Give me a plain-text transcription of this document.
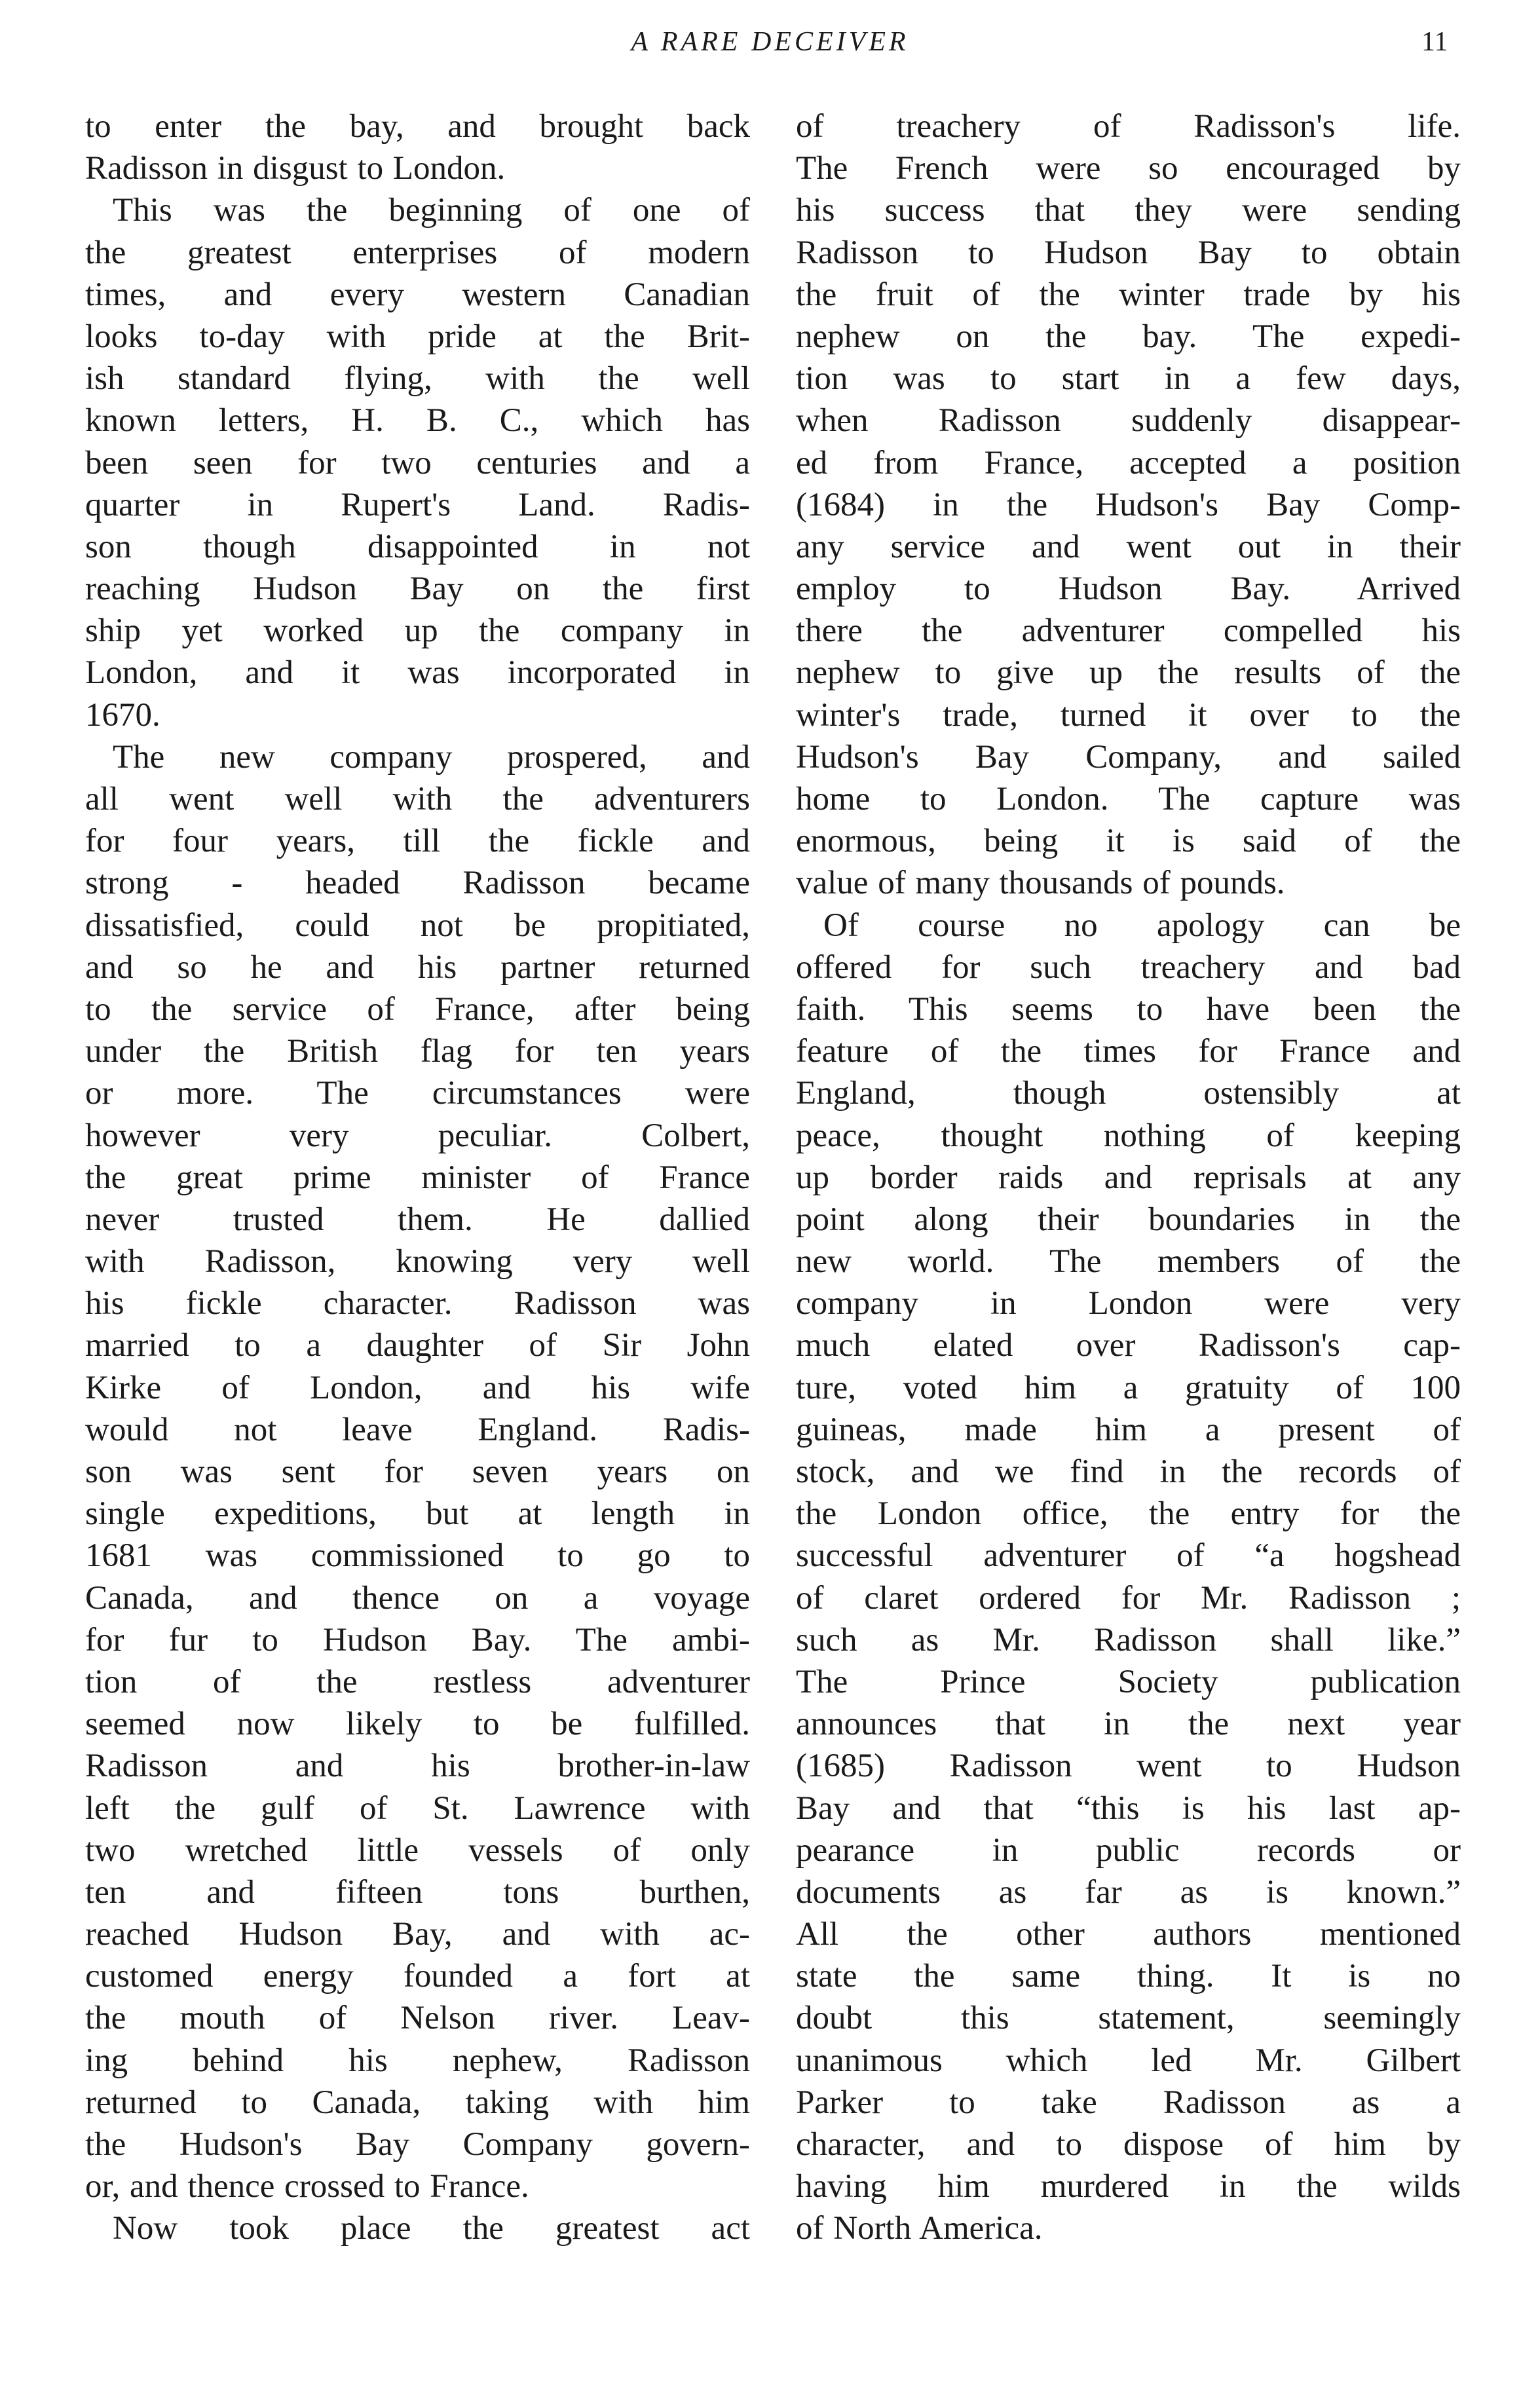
A RARE DECEIVER	11
to enter the bay, and brought back
Radisson in disgust to London.
This was the beginning of one of
the greatest enterprises of modern
times, and every western Canadian
looks to-day with pride at the Brit-
ish standard flying, with the well
known letters, H. B. C., which has
been seen for two centuries and a
quarter in Rupert's Land. Radis-
son though disappointed in not
reaching Hudson Bay on the first
ship yet worked up the company in
London, and it was incorporated in
1670.
The new company prospered, and
all went well with the adventurers
for four years, till the fickle and
strong - headed Radisson became
dissatisfied, could not be propitiated,
and so he and his partner returned
to the service of France, after being
under the British flag for ten years
or more. The circumstances were
however very peculiar. Colbert,
the great prime minister of France
never trusted them. He dallied
with Radisson, knowing very well
his fickle character. Radisson was
married to a daughter of Sir John
Kirke of London, and his wife
would not leave England. Radis-
son was sent for seven years on
single expeditions, but at length in
1681 was commissioned to go to
Canada, and thence on a voyage
for fur to Hudson Bay. The ambi-
tion of the restless adventurer
seemed now likely to be fulfilled.
Radisson and his brother-in-law
left the gulf of St. Lawrence with
two wretched little vessels of only
ten and fifteen tons burthen,
reached Hudson Bay, and with ac-
customed energy founded a fort at
the mouth of Nelson river. Leav-
ing behind his nephew, Radisson
returned to Canada, taking with him
the Hudson's Bay Company govern-
or, and thence crossed to France.
Now took place the greatest act
of treachery of Radisson's life.
The French were so encouraged by
his success that they were sending
Radisson to Hudson Bay to obtain
the fruit of the winter trade by his
nephew on the bay. The expedi-
tion was to start in a few days,
when Radisson suddenly disappear-
ed from France, accepted a position
(1684) in the Hudson's Bay Comp-
any service and went out in their
employ to Hudson Bay. Arrived
there the adventurer compelled his
nephew to give up the results of the
winter's trade, turned it over to the
Hudson's Bay Company, and sailed
home to London. The capture was
enormous, being it is said of the
value of many thousands of pounds.
Of course no apology can be
offered for such treachery and bad
faith. This seems to have been the
feature of the times for France and
England, though ostensibly at
peace, thought nothing of keeping
up border raids and reprisals at any
point along their boundaries in the
new world. The members of the
company in London were very
much elated over Radisson's cap-
ture, voted him a gratuity of 100
guineas, made him a present of
stock, and we find in the records of
the London office, the entry for the
successful adventurer of “a hogshead
of claret ordered for Mr. Radisson ;
such as Mr. Radisson shall like.”
The Prince Society publication
announces that in the next year
(1685) Radisson went to Hudson
Bay and that “this is his last ap-
pearance in public records or
documents as far as is known.”
All the other authors mentioned
state the same thing. It is no
doubt this statement, seemingly
unanimous which led Mr. Gilbert
Parker to take Radisson as a
character, and to dispose of him by
having him murdered in the wilds
of North America.
